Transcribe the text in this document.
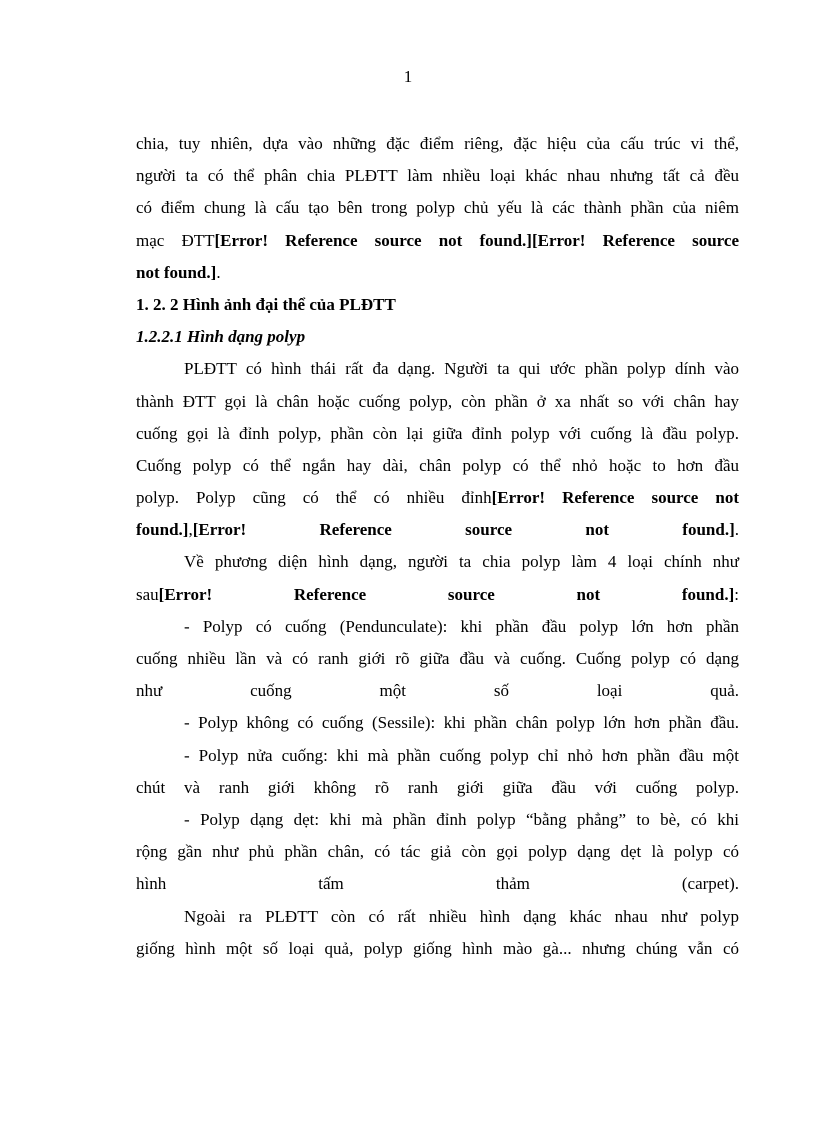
1
chia, tuy nhiên, dựa vào những đặc điểm riêng, đặc hiệu của cấu trúc vi thể,
người ta có thể phân chia PLĐTT làm nhiều loại khác nhau nhưng tất cả đều
có điểm chung là cấu tạo bên trong polyp chủ yếu là các thành phần của niêm
mạc ĐTT[Error! Reference source not found.][Error! Reference source
not found.].
1. 2. 2 Hình ảnh đại thể của PLĐTT
1.2.2.1 Hình dạng polyp
PLĐTT có hình thái rất đa dạng. Người ta qui ước phần polyp dính vào
thành ĐTT gọi là chân hoặc cuống polyp, còn phần ở xa nhất so với chân hay
cuống gọi là đỉnh polyp, phần còn lại giữa đỉnh polyp với cuống là đầu polyp.
Cuống polyp có thể ngắn hay dài, chân polyp có thể nhỏ hoặc to hơn đầu
polyp. Polyp cũng có thể có nhiều đỉnh[Error! Reference source not
found.],[Error! Reference source not found.].
Về phương diện hình dạng, người ta chia polyp làm 4 loại chính như
sau[Error! Reference source not found.]:
- Polyp có cuống (Pendunculate): khi phần đầu polyp lớn hơn phần
cuống nhiều lần và có ranh giới rõ giữa đầu và cuống. Cuống polyp có dạng
như cuống một số loại quả.
- Polyp không có cuống (Sessile): khi phần chân polyp lớn hơn phần đầu.
- Polyp nửa cuống: khi mà phần cuống polyp chỉ nhỏ hơn phần đầu một
chút và ranh giới không rõ ranh giới giữa đầu với cuống polyp.
- Polyp dạng dẹt: khi mà phần đỉnh polyp “bằng phẳng” to bè, có khi
rộng gần như phủ phần chân, có tác giả còn gọi polyp dạng dẹt là polyp có
hình tấm thảm (carpet).
Ngoài ra PLĐTT còn có rất nhiều hình dạng khác nhau như polyp
giống hình một số loại quả, polyp giống hình mào gà... nhưng chúng vẫn có
